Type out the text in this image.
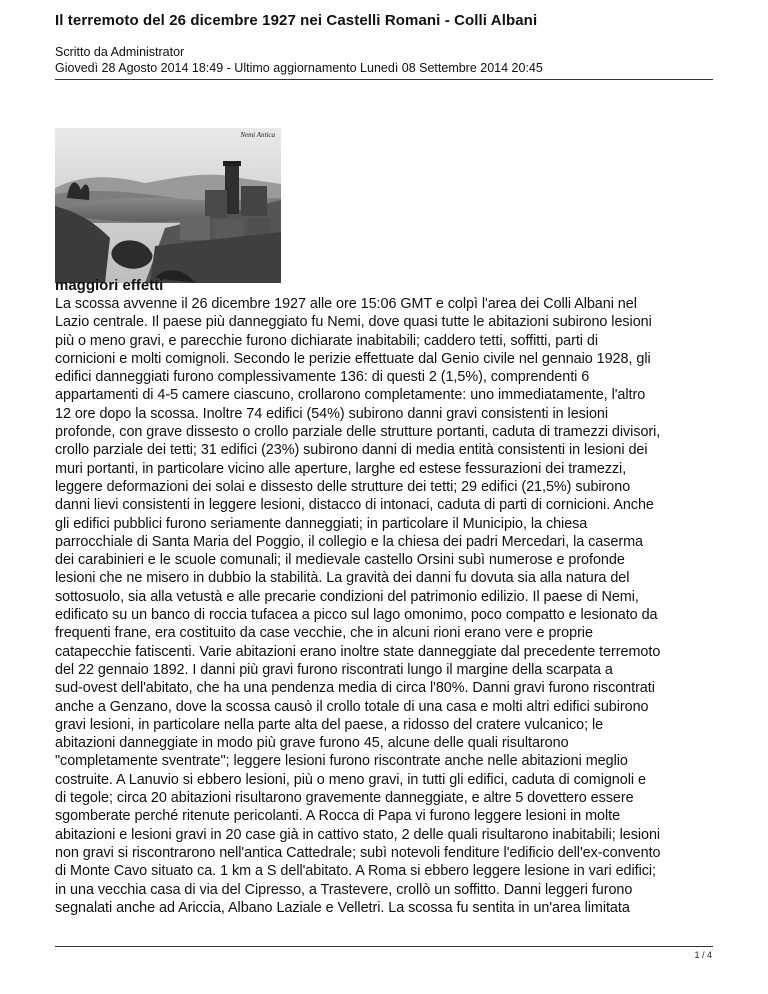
Il terremoto del 26 dicembre 1927 nei Castelli Romani - Colli Albani
Scritto da Administrator
Giovedì 28 Agosto 2014 18:49 - Ultimo aggiornamento Lunedì 08 Settembre 2014 20:45
Nemi Antica
maggiori effetti

La scossa avvenne il 26 dicembre 1927 alle ore 15:06 GMT e colpì l'area dei Colli Albani nel
Lazio centrale. Il paese più danneggiato fu Nemi, dove quasi tutte le abitazioni subirono lesioni
più o meno gravi, e parecchie furono dichiarate inabitabili; caddero tetti, soffitti, parti di
cornicioni e molti comignoli. Secondo le perizie effettuate dal Genio civile nel gennaio 1928, gli
edifici danneggiati furono complessivamente 136: di questi 2 (1,5%), comprendenti 6
appartamenti di 4-5 camere ciascuno, crollarono completamente: uno immediatamente, l'altro
12 ore dopo la scossa. Inoltre 74 edifici (54%) subirono danni gravi consistenti in lesioni
profonde, con grave dissesto o crollo parziale delle strutture portanti, caduta di tramezzi divisori,
crollo parziale dei tetti; 31 edifici (23%) subirono danni di media entità consistenti in lesioni dei
muri portanti, in particolare vicino alle aperture, larghe ed estese fessurazioni dei tramezzi,
leggere deformazioni dei solai e dissesto delle strutture dei tetti; 29 edifici (21,5%) subirono
danni lievi consistenti in leggere lesioni, distacco di intonaci, caduta di parti di cornicioni. Anche
gli edifici pubblici furono seriamente danneggiati; in particolare il Municipio, la chiesa
parrocchiale di Santa Maria del Poggio, il collegio e la chiesa dei padri Mercedari, la caserma
dei carabinieri e le scuole comunali; il medievale castello Orsini subì numerose e profonde
lesioni che ne misero in dubbio la stabilità. La gravità dei danni fu dovuta sia alla natura del
sottosuolo, sia alla vetustà e alle precarie condizioni del patrimonio edilizio. Il paese di Nemi,
edificato su un banco di roccia tufacea a picco sul lago omonimo, poco compatto e lesionato da
frequenti frane, era costituito da case vecchie, che in alcuni rioni erano vere e proprie
catapecchie fatiscenti. Varie abitazioni erano inoltre state danneggiate dal precedente terremoto
del 22 gennaio 1892. I danni più gravi furono riscontrati lungo il margine della scarpata a
sud-ovest dell'abitato, che ha una pendenza media di circa l'80%. Danni gravi furono riscontrati
anche a Genzano, dove la scossa causò il crollo totale di una casa e molti altri edifici subirono
gravi lesioni, in particolare nella parte alta del paese, a ridosso del cratere vulcanico; le
abitazioni danneggiate in modo più grave furono 45, alcune delle quali risultarono
"completamente sventrate"; leggere lesioni furono riscontrate anche nelle abitazioni meglio
costruite. A Lanuvio si ebbero lesioni, più o meno gravi, in tutti gli edifici, caduta di comignoli e
di tegole; circa 20 abitazioni risultarono gravemente danneggiate, e altre 5 dovettero essere
sgomberate perché ritenute pericolanti. A Rocca di Papa vi furono leggere lesioni in molte
abitazioni e lesioni gravi in 20 case già in cattivo stato, 2 delle quali risultarono inabitabili; lesioni
non gravi si riscontrarono nell'antica Cattedrale; subì notevoli fenditure l'edificio dell'ex-convento
di Monte Cavo situato ca. 1 km a S dell'abitato. A Roma si ebbero leggere lesione in vari edifici;
in una vecchia casa di via del Cipresso, a Trastevere, crollò un soffitto. Danni leggeri furono
segnalati anche ad Ariccia, Albano Laziale e Velletri. La scossa fu sentita in un'area limitata

1 / 4
